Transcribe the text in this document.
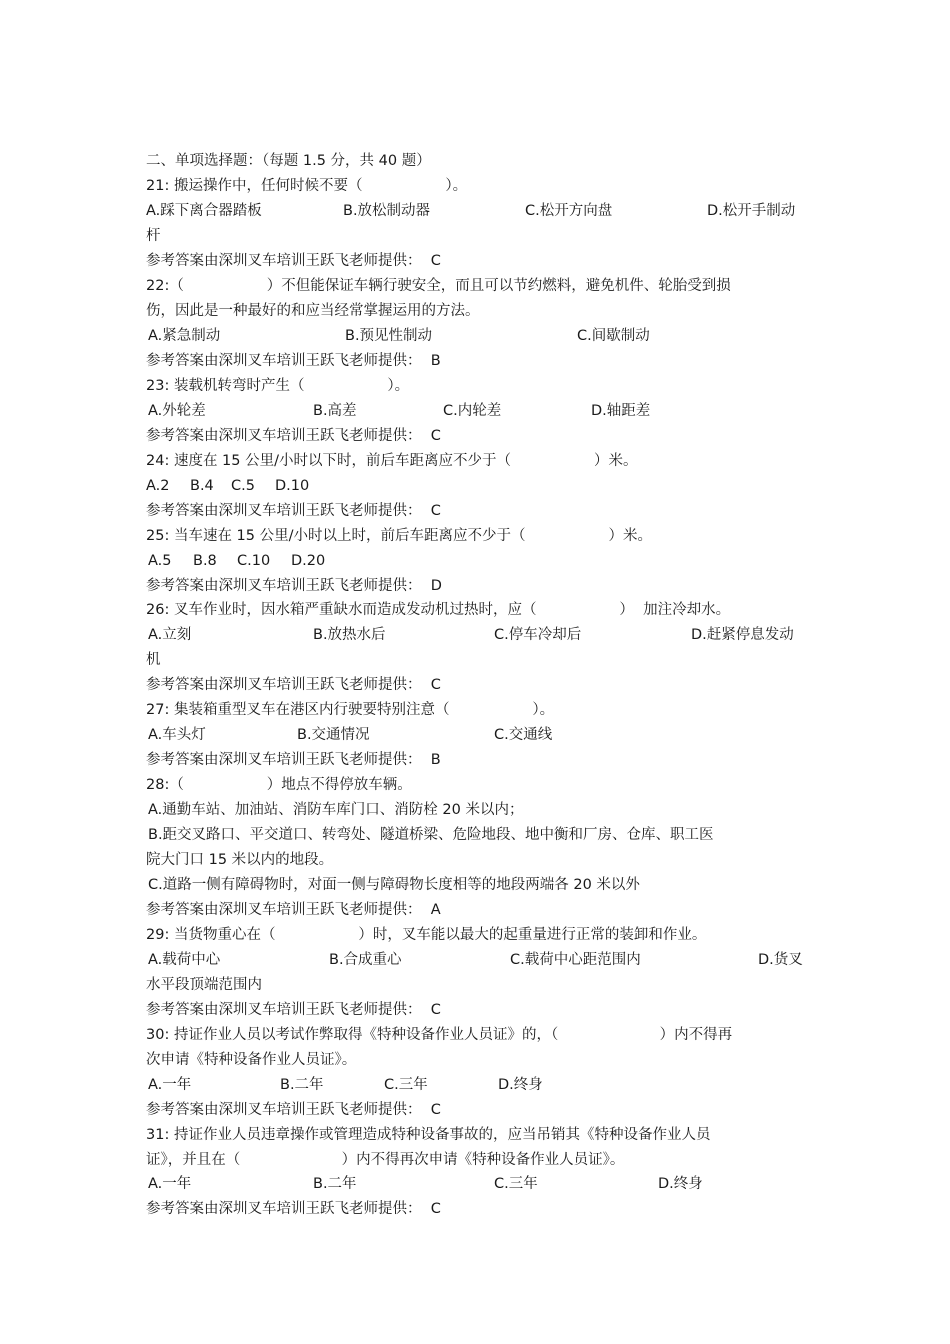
二、单项选择题：（每题 1.5 分，共 40 题）
21: 搬运操作中，任何时候不要（                  ）。
A.踩下离合器踏板	B.放松制动器	C.松开方向盘	D.松开手制动
杆
参考答案由深圳叉车培训王跃飞老师提供： C
22:（                  ）不但能保证车辆行驶安全，而且可以节约燃料，避免机件、轮胎受到损
伤，因此是一种最好的和应当经常掌握运用的方法。
A.紧急制动	B.预见性制动	C.间歇制动
参考答案由深圳叉车培训王跃飞老师提供： B
23: 装载机转弯时产生（                  ）。
A.外轮差	B.高差	C.内轮差	D.轴距差
参考答案由深圳叉车培训王跃飞老师提供： C
24: 速度在 15 公里/小时以下时，前后车距离应不少于（                  ）米。
A.2 B.4 C.5 D.10
参考答案由深圳叉车培训王跃飞老师提供： C
25: 当车速在 15 公里/小时以上时，前后车距离应不少于（                  ）米。
A.5 B.8 C.10 D.20
参考答案由深圳叉车培训王跃飞老师提供： D
26: 叉车作业时，因水箱严重缺水而造成发动机过热时，应（                  ）  加注冷却水。
A.立刻	B.放热水后	C.停车冷却后	D.赶紧停息发动
机
参考答案由深圳叉车培训王跃飞老师提供： C
27: 集装箱重型叉车在港区内行驶要特别注意（                  ）。
A.车头灯	B.交通情况	C.交通线
参考答案由深圳叉车培训王跃飞老师提供： B
28:（                  ）地点不得停放车辆。
A.通勤车站、加油站、消防车库门口、消防栓 20 米以内；
B.距交叉路口、平交道口、转弯处、隧道桥梁、危险地段、地中衡和厂房、仓库、职工医
院大门口 15 米以内的地段。
C.道路一侧有障碍物时，对面一侧与障碍物长度相等的地段两端各 20 米以外
参考答案由深圳叉车培训王跃飞老师提供： A
29: 当货物重心在（                  ）时，叉车能以最大的起重量进行正常的装卸和作业。
A.载荷中心	B.合成重心	C.载荷中心距范围内	D.货叉
水平段顶端范围内
参考答案由深圳叉车培训王跃飞老师提供： C
30: 持证作业人员以考试作弊取得《特种设备作业人员证》的，（                      ）内不得再
次申请《特种设备作业人员证》。
A.一年	B.二年	C.三年	D.终身
参考答案由深圳叉车培训王跃飞老师提供： C
31: 持证作业人员违章操作或管理造成特种设备事故的，应当吊销其《特种设备作业人员
证》，并且在（                      ）内不得再次申请《特种设备作业人员证》。
A.一年	B.二年	C.三年	D.终身
参考答案由深圳叉车培训王跃飞老师提供： C
